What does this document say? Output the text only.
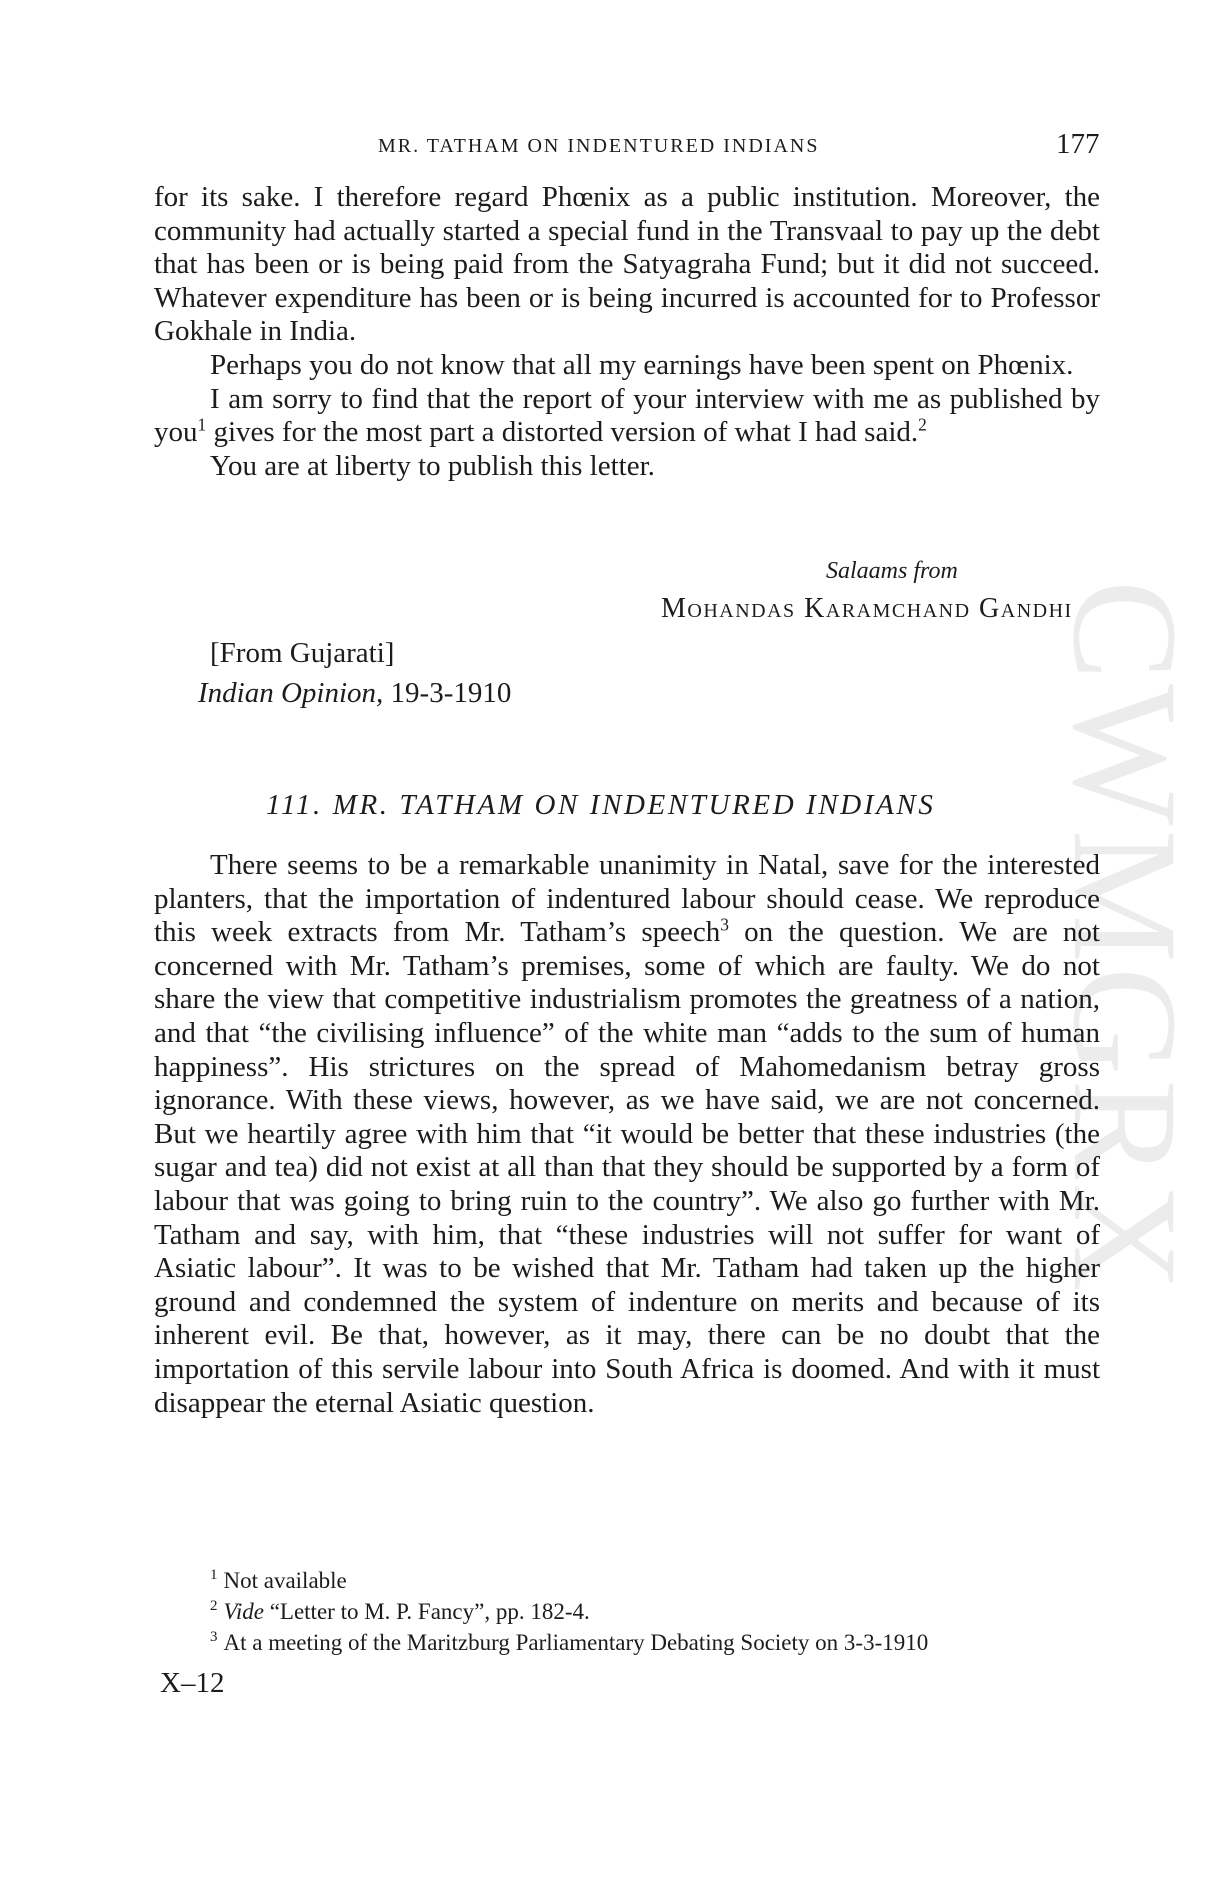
MR. TATHAM ON INDENTURED INDIANS	177

for its sake. I therefore regard Phœnix as a public institution. Moreover, the community had actually started a special fund in the Transvaal to pay up the debt that has been or is being paid from the Satyagraha Fund; but it did not succeed. Whatever expenditure has been or is being incurred is accounted for to Professor Gokhale in India.

Perhaps you do not know that all my earnings have been spent on Phœnix.

I am sorry to find that the report of your interview with me as published by you$^1$ gives for the most part a distorted version of what I had said.$^2$

You are at liberty to publish this letter.

Salaams from
Mohandas Karamchand Gandhi
[From Gujarati]
Indian Opinion, 19-3-1910	CWMGRX
111. MR. TATHAM ON INDENTURED INDIANS

There seems to be a remarkable unanimity in Natal, save for the interested planters, that the importation of indentured labour should cease. We reproduce this week extracts from Mr. Tatham’s speech$^3$ on the question. We are not concerned with Mr. Tatham’s premises, some of which are faulty. We do not share the view that competitive industrialism promotes the greatness of a nation, and that “the civilising influence” of the white man “adds to the sum of human happiness”. His strictures on the spread of Mahomedanism betray gross ignorance. With these views, however, as we have said, we are not concerned. But we heartily agree with him that “it would be better that these industries (the sugar and tea) did not exist at all than that they should be supported by a form of labour that was going to bring ruin to the country”. We also go further with Mr. Tatham and say, with him, that “these industries will not suffer for want of Asiatic labour”. It was to be wished that Mr. Tatham had taken up the higher ground and condemned the system of indenture on merits and because of its inherent evil. Be that, however, as it may, there can be no doubt that the importation of this servile labour into South Africa is doomed. And with it must disappear the eternal Asiatic question.

$^1$ Not available

$^2$ Vide “Letter to M. P. Fancy”, pp. 182-4.

$^3$ At a meeting of the Maritzburg Parliamentary Debating Society on 3-3-1910

X–12
